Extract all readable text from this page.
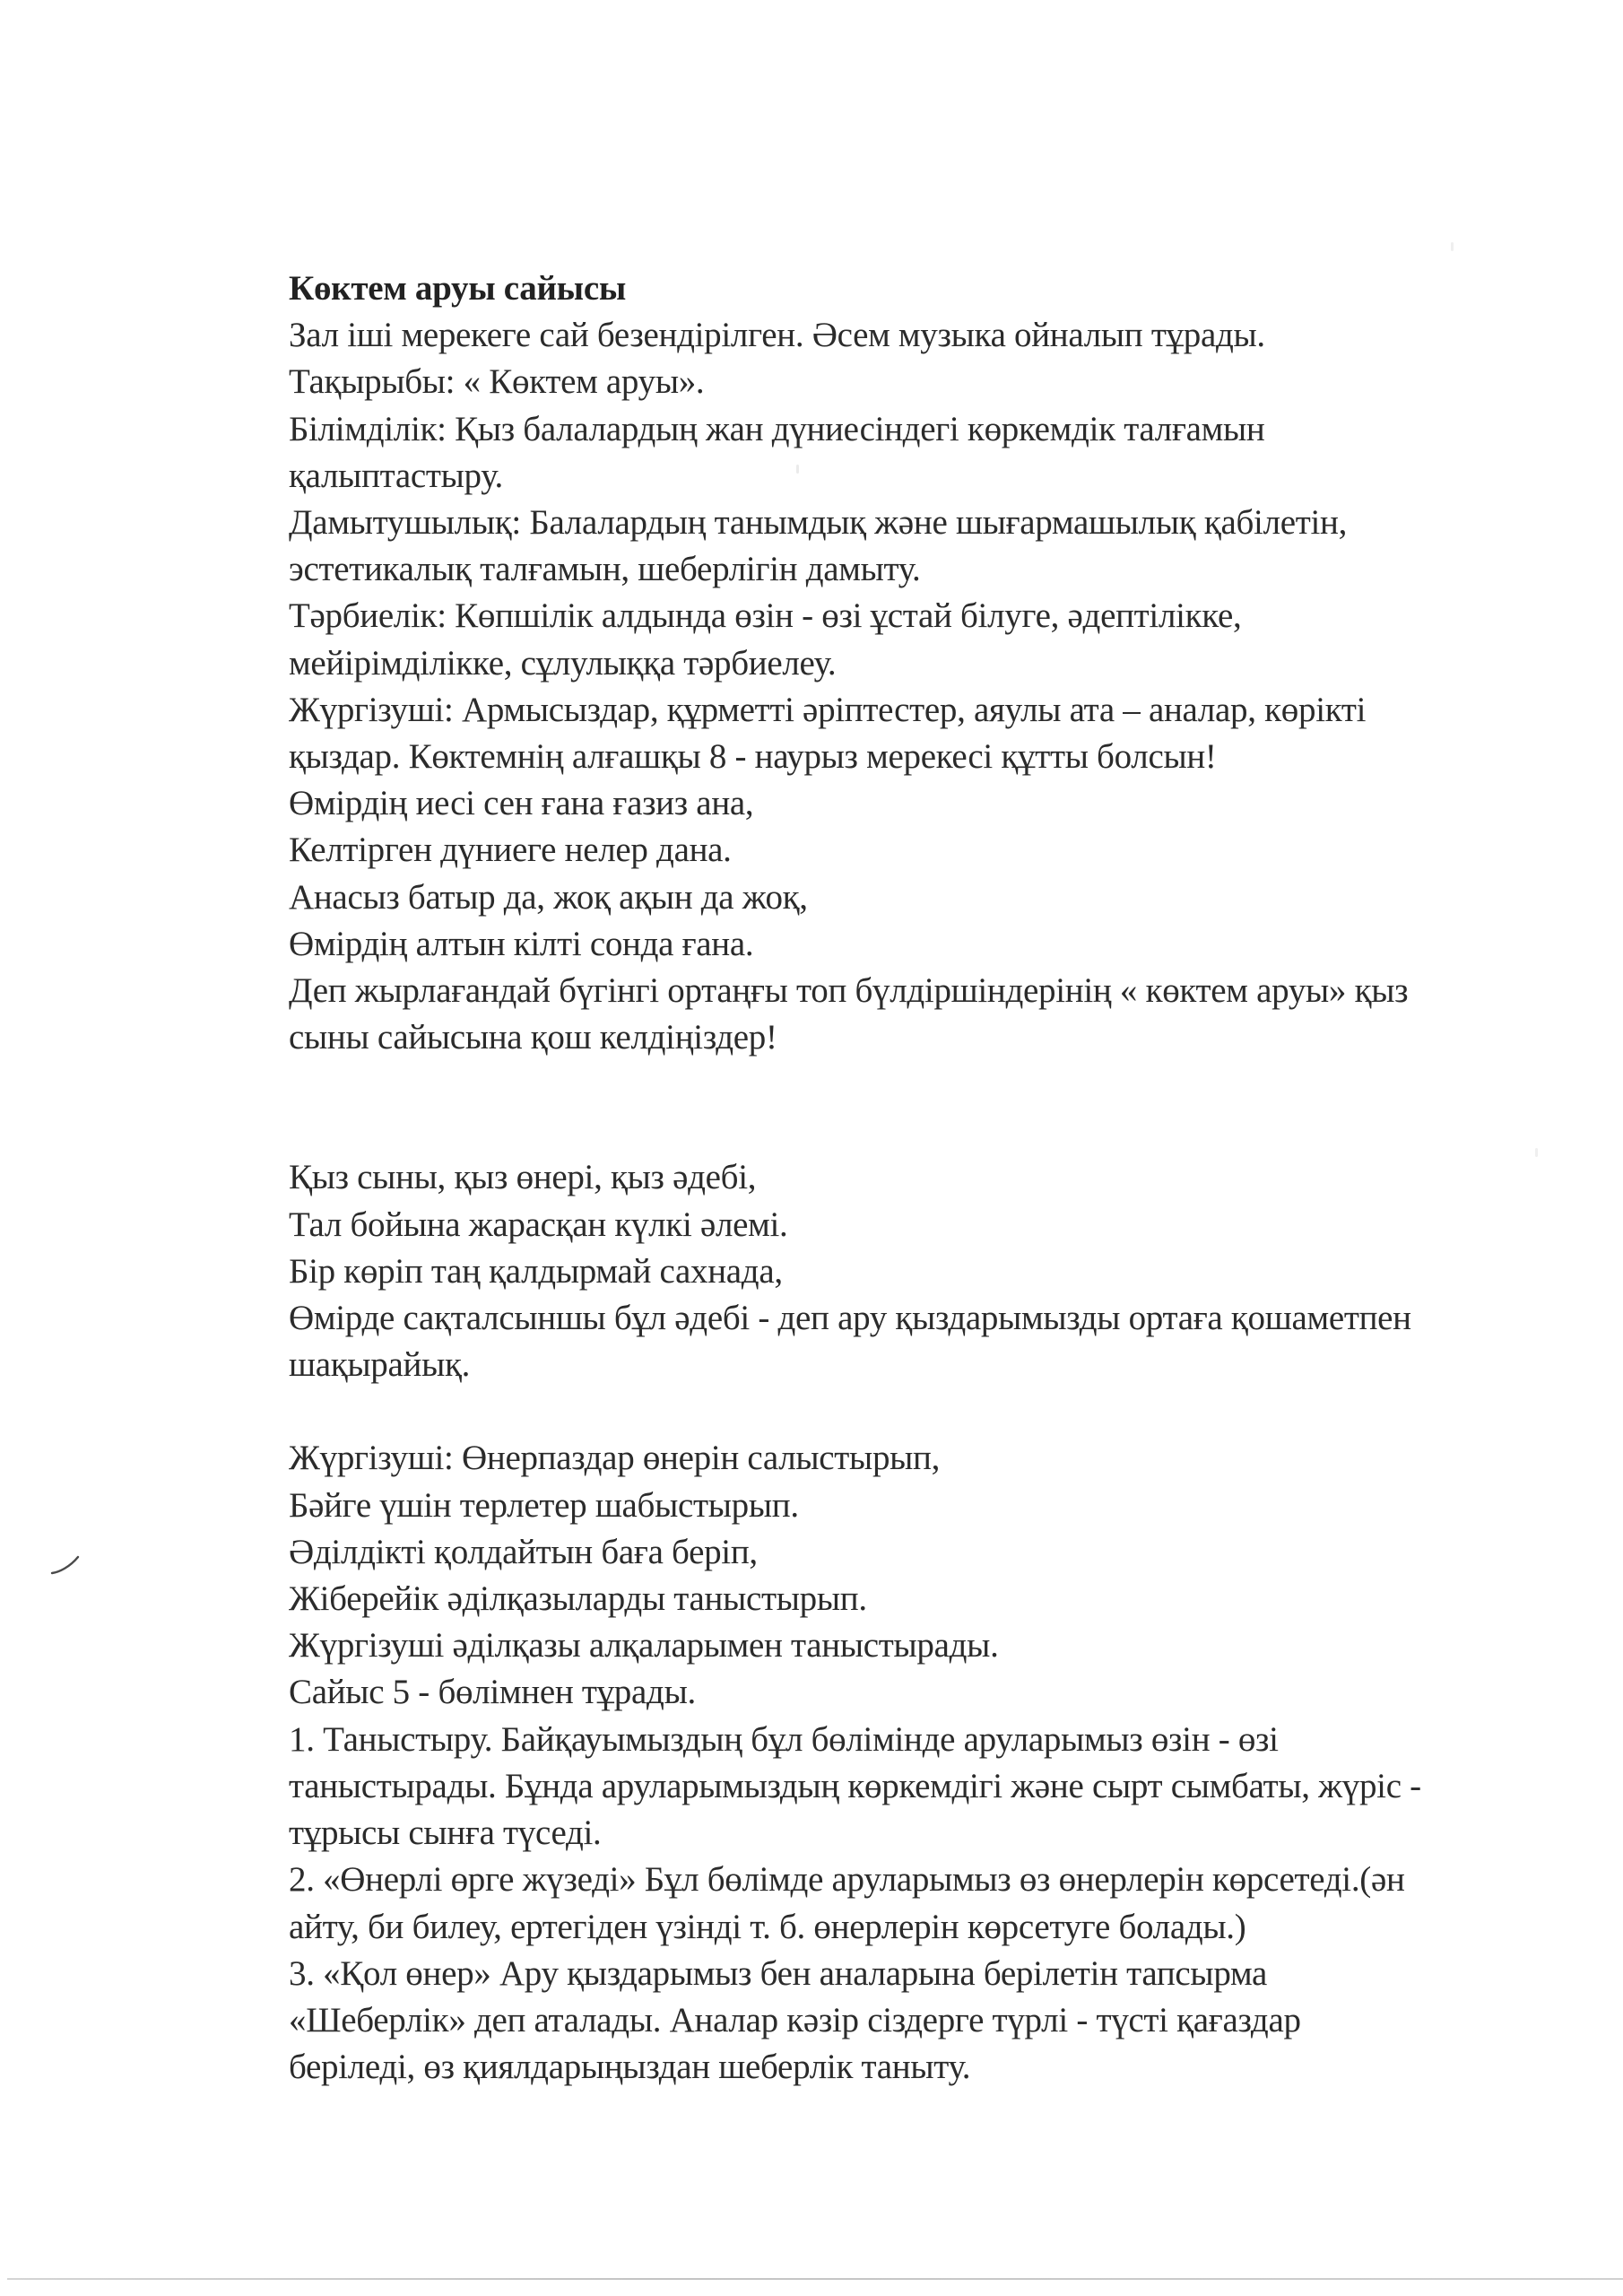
Көктем аруы сайысы
Зал іші мерекеге сай безендірілген. Әсем музыка ойналып тұрады.
Тақырыбы: « Көктем аруы».
Білімділік: Қыз балалардың жан дүниесіндегі көркемдік талғамын
қалыптастыру.
Дамытушылық: Балалардың танымдық және шығармашылық қабілетін,
эстетикалық талғамын, шеберлігін дамыту.
Тәрбиелік: Көпшілік алдында өзін - өзі ұстай білуге, әдептілікке,
мейірімділікке, сұлулыққа тәрбиелеу.
Жүргізуші: Армысыздар, құрметті әріптестер, аяулы ата – аналар, көрікті
қыздар. Көктемнің алғашқы 8 - наурыз мерекесі құтты болсын!
Өмірдің иесі сен ғана ғазиз ана,
Келтірген дүниеге нелер дана.
Анасыз батыр да, жоқ ақын да жоқ,
Өмірдің алтын кілті сонда ғана.
Деп жырлағандай бүгінгі ортаңғы топ бүлдіршіндерінің « көктем аруы» қыз
сыны сайысына қош келдіңіздер!
Қыз сыны, қыз өнері, қыз әдебі,
Тал бойына жарасқан күлкі әлемі.
Бір көріп таң қалдырмай сахнада,
Өмірде сақталсыншы бұл әдебі - деп ару қыздарымызды ортаға қошаметпен
шақырайық.
Жүргізуші: Өнерпаздар өнерін салыстырып,
Бәйге үшін терлетер шабыстырып.
Әділдікті қолдайтын баға беріп,
Жіберейік әділқазыларды таныстырып.
Жүргізуші әділқазы алқаларымен таныстырады.
Сайыс 5 - бөлімнен тұрады.
1. Таныстыру. Байқауымыздың бұл бөлімінде аруларымыз өзін - өзі
таныстырады. Бұнда аруларымыздың көркемдігі және сырт сымбаты, жүріс -
тұрысы сынға түседі.
2. «Өнерлі өрге жүзеді» Бұл бөлімде аруларымыз өз өнерлерін көрсетеді.(ән
айту, би билеу, ертегіден үзінді т. б. өнерлерін көрсетуге болады.)
3. «Қол өнер» Ару қыздарымыз бен аналарына берілетін тапсырма
«Шеберлік» деп аталады. Аналар кәзір сіздерге түрлі - түсті қағаздар
беріледі, өз қиялдарыңыздан шеберлік таныту.
